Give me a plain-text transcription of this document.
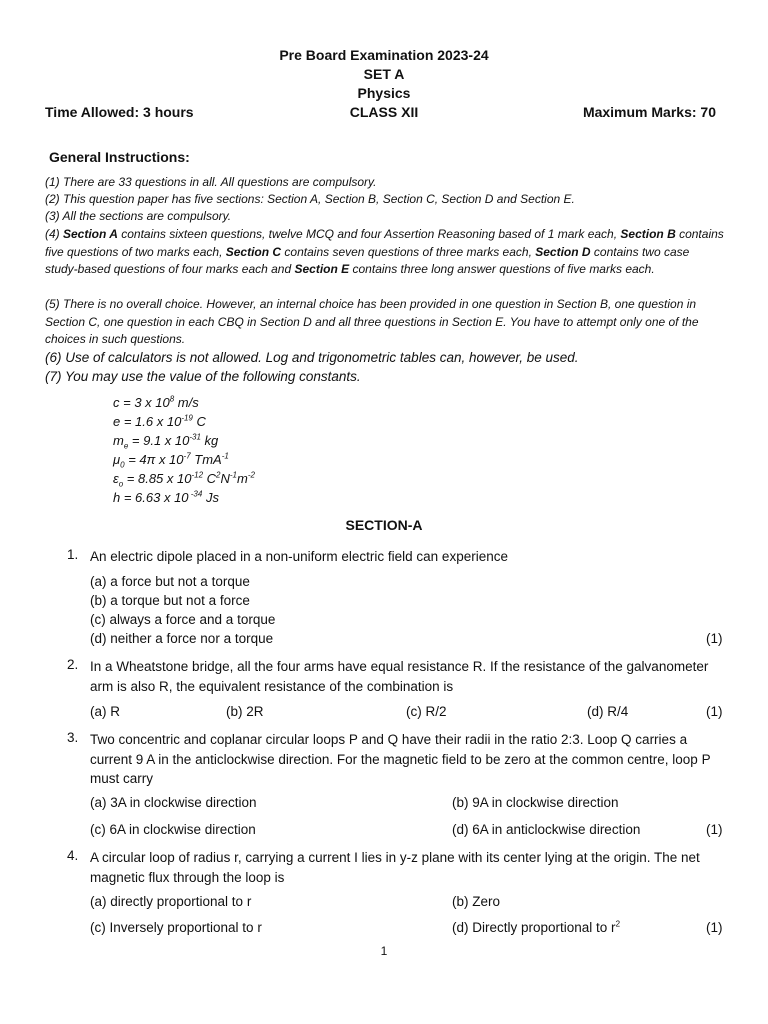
Pre Board Examination 2023-24
SET A
Physics
Time Allowed: 3 hours	CLASS XII	Maximum Marks: 70
General Instructions:
(1) There are 33 questions in all. All questions are compulsory.
(2) This question paper has five sections: Section A, Section B, Section C, Section D and Section E.
(3) All the sections are compulsory.
(4) Section A contains sixteen questions, twelve MCQ and four Assertion Reasoning based of 1 mark each, Section B contains five questions of two marks each, Section C contains seven questions of three marks each, Section D contains two case study-based questions of four marks each and Section E contains three long answer questions of five marks each.
(5) There is no overall choice. However, an internal choice has been provided in one question in Section B, one question in Section C, one question in each CBQ in Section D and all three questions in Section E. You have to attempt only one of the choices in such questions.
(6) Use of calculators is not allowed. Log and trigonometric tables can, however, be used.
(7) You may use the value of the following constants.
c = 3 x $10^8$ m/s
e = 1.6 x $10^{-19}$ C
$m_e = 9.1$ x $10^{-31}$ kg
$\mu_0 = 4\pi$ x $10^{-7}$ TmA$^{-1}$
$\varepsilon_o = 8.85$ x $10^{-12}$ $C^2N^{-1}m^{-2}$
h = 6.63 x 10 $^{-34}$ Js
SECTION-A
1. An electric dipole placed in a non-uniform electric field can experience
(a) a force but not a torque
(b) a torque but not a force
(c) always a force and a torque
(d) neither a force nor a torque	(1)
2. In a Wheatstone bridge, all the four arms have equal resistance R. If the resistance of the galvanometer arm is also R, the equivalent resistance of the combination is
(a) R	(b) 2R	(c) R/2	(d) R/4	(1)
3. Two concentric and coplanar circular loops P and Q have their radii in the ratio 2:3. Loop Q carries a current 9 A in the anticlockwise direction. For the magnetic field to be zero at the common centre, loop P must carry
(a) 3A in clockwise direction	(b) 9A in clockwise direction
(c) 6A in clockwise direction	(d) 6A in anticlockwise direction	(1)
4. A circular loop of radius r, carrying a current I lies in y-z plane with its center lying at the origin. The net magnetic flux through the loop is
(a) directly proportional to r	(b) Zero
(c) Inversely proportional to r	(d) Directly proportional to $r^2$	(1)
1
